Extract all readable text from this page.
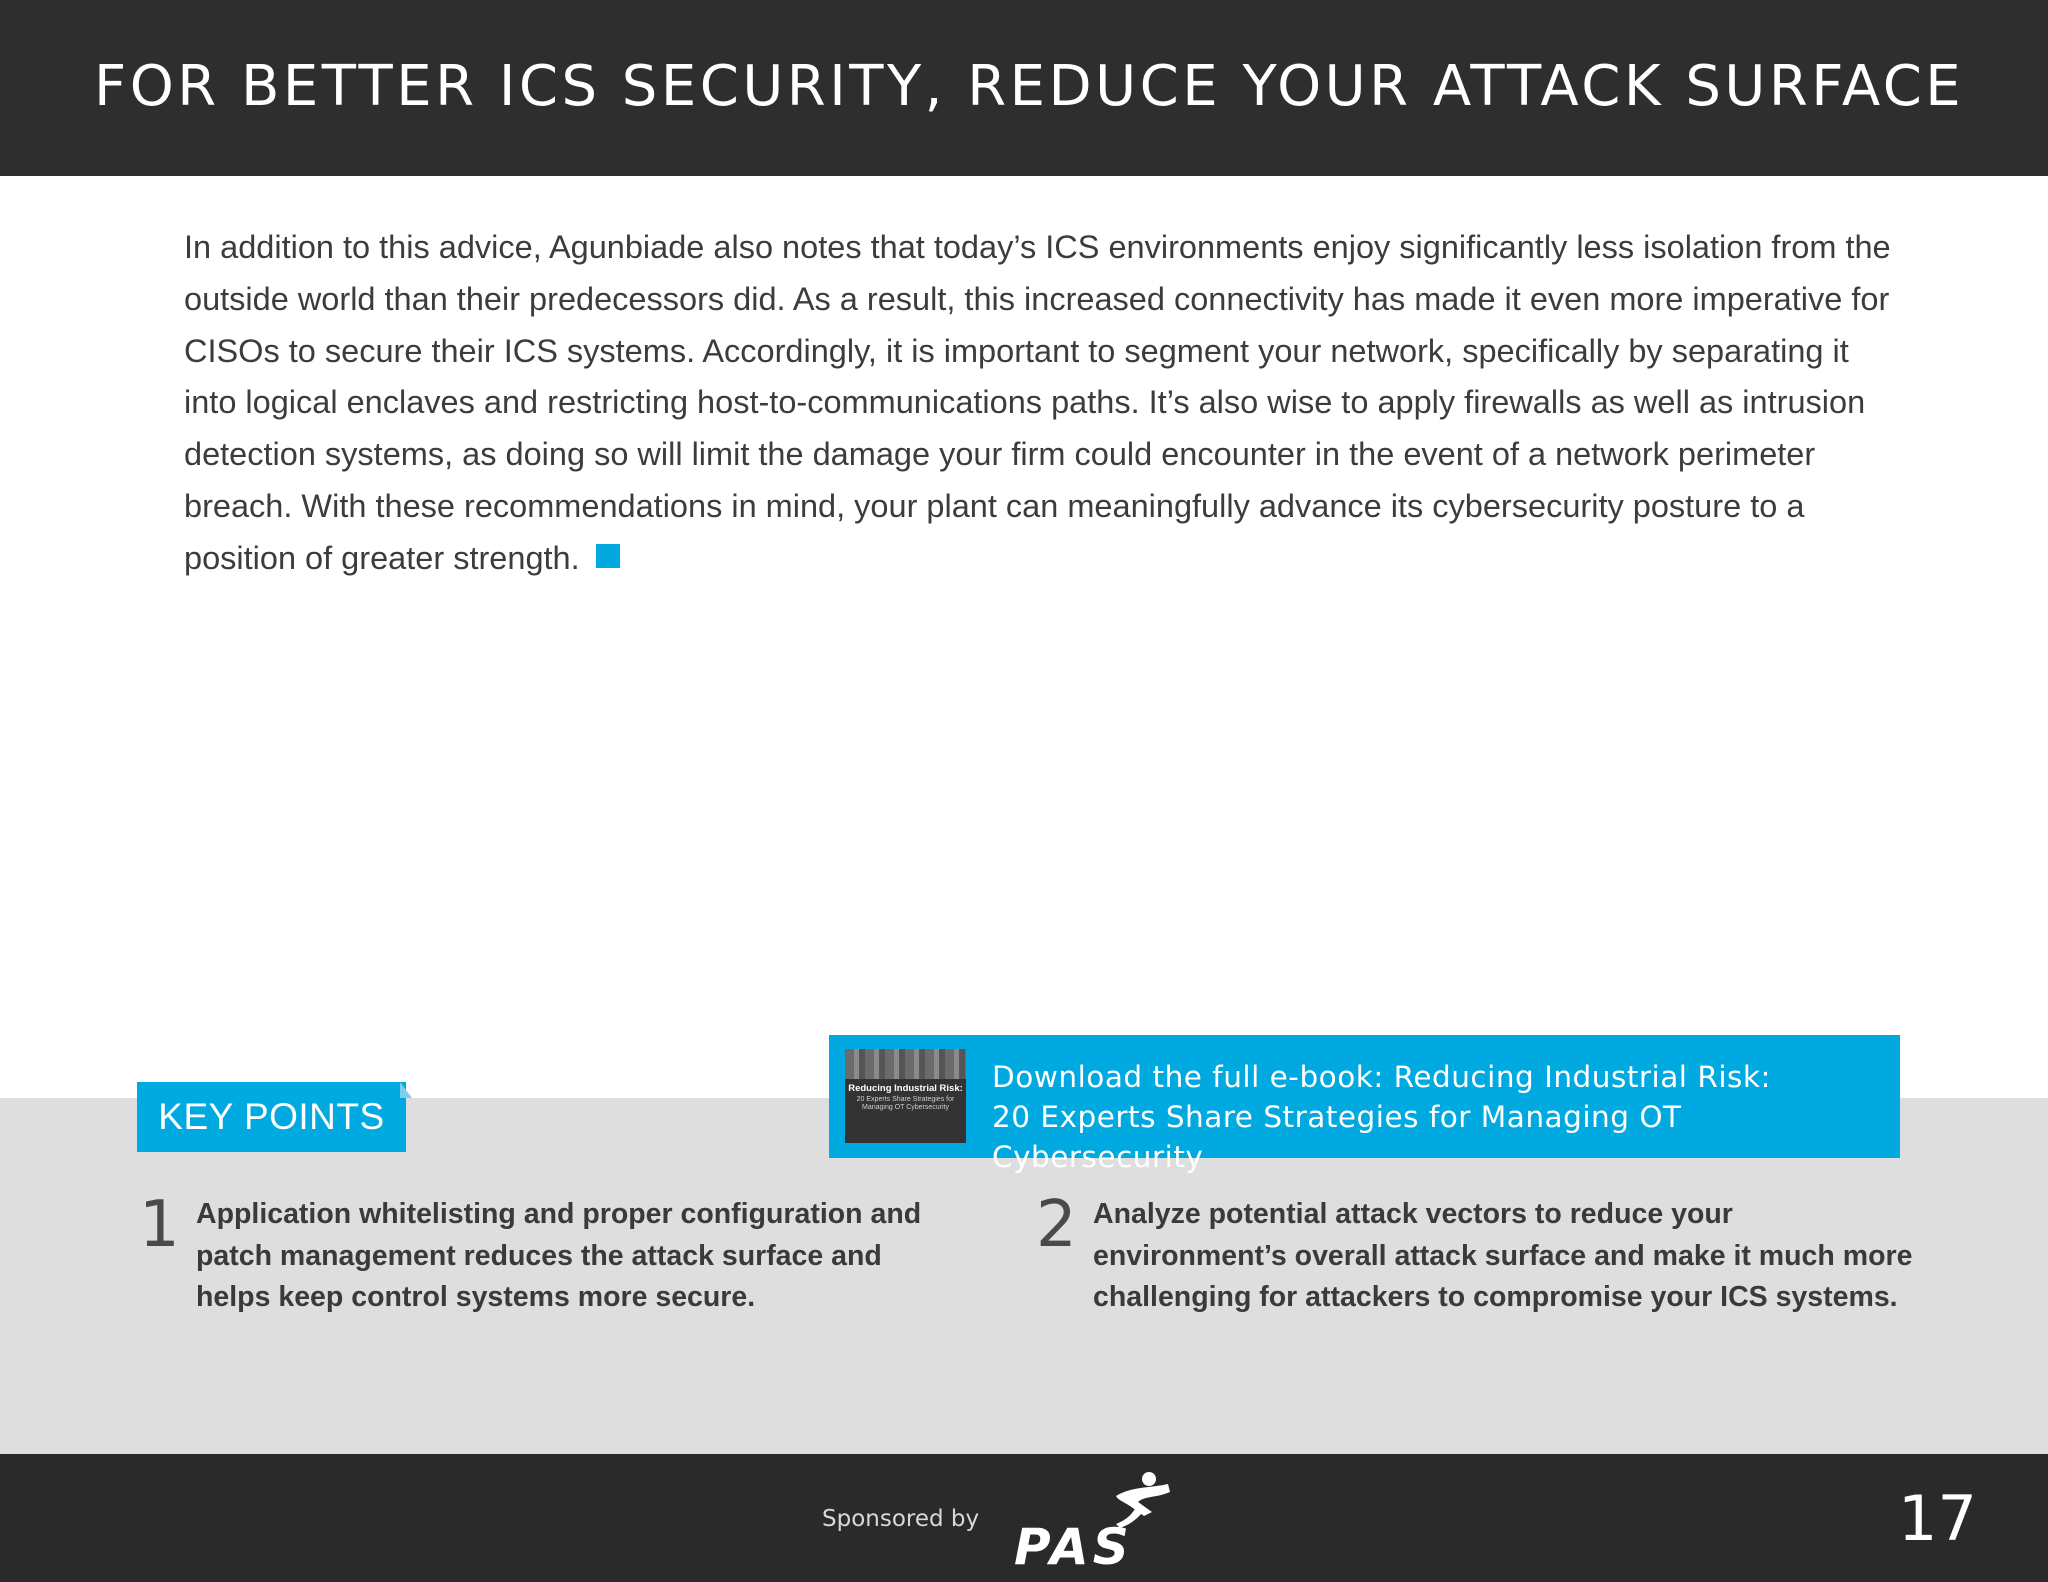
FOR BETTER ICS SECURITY, REDUCE YOUR ATTACK SURFACE
In addition to this advice, Agunbiade also notes that today’s ICS environments enjoy significantly less isolation from the outside world than their predecessors did. As a result, this increased connectivity has made it even more imperative for CISOs to secure their ICS systems. Accordingly, it is important to segment your network, specifically by separating it into logical enclaves and restricting host-to-communications paths. It’s also wise to apply firewalls as well as intrusion detection systems, as doing so will limit the damage your firm could encounter in the event of a network perimeter breach. With these recommendations in mind, your plant can meaningfully advance its cybersecurity posture to a position of greater strength.
KEY POINTS
Reducing Industrial Risk:
20 Experts Share Strategies for Managing OT Cybersecurity
Download the full e-book: Reducing Industrial Risk:
20 Experts Share Strategies for Managing OT Cybersecurity
1 Application whitelisting and proper configuration and patch management reduces the attack surface and helps keep control systems more secure.
2 Analyze potential attack vectors to reduce your environment’s overall attack surface and make it much more challenging for attackers to compromise your ICS systems.
Sponsored by PAS	17
